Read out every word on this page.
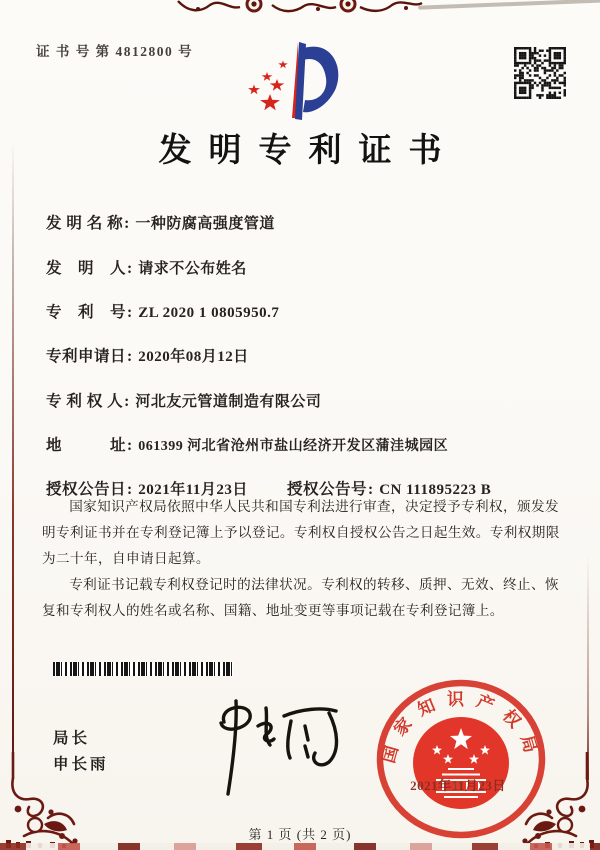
证 书 号 第 4812800 号
发明专利证书
发 明 名 称: 一种防腐高强度管道
发　明　人: 请求不公布姓名
专　利　号: ZL 2020 1 0805950.7
专利申请日: 2020年08月12日
专 利 权 人: 河北友元管道制造有限公司
地　　　址: 061399 河北省沧州市盐山经济开发区蒲洼城园区
授权公告日: 2021年11月23日	授权公告号: CN 111895223 B

国家知识产权局依照中华人民共和国专利法进行审查，决定授予专利权，颁发发明专利证书并在专利登记簿上予以登记。专利权自授权公告之日起生效。专利权期限为二十年，自申请日起算。

专利证书记载专利权登记时的法律状况。专利权的转移、质押、无效、终止、恢复和专利权人的姓名或名称、国籍、地址变更等事项记载在专利登记簿上。

局长
申长雨	国家知识产权局
2021年11月23日
第 1 页 (共 2 页)
